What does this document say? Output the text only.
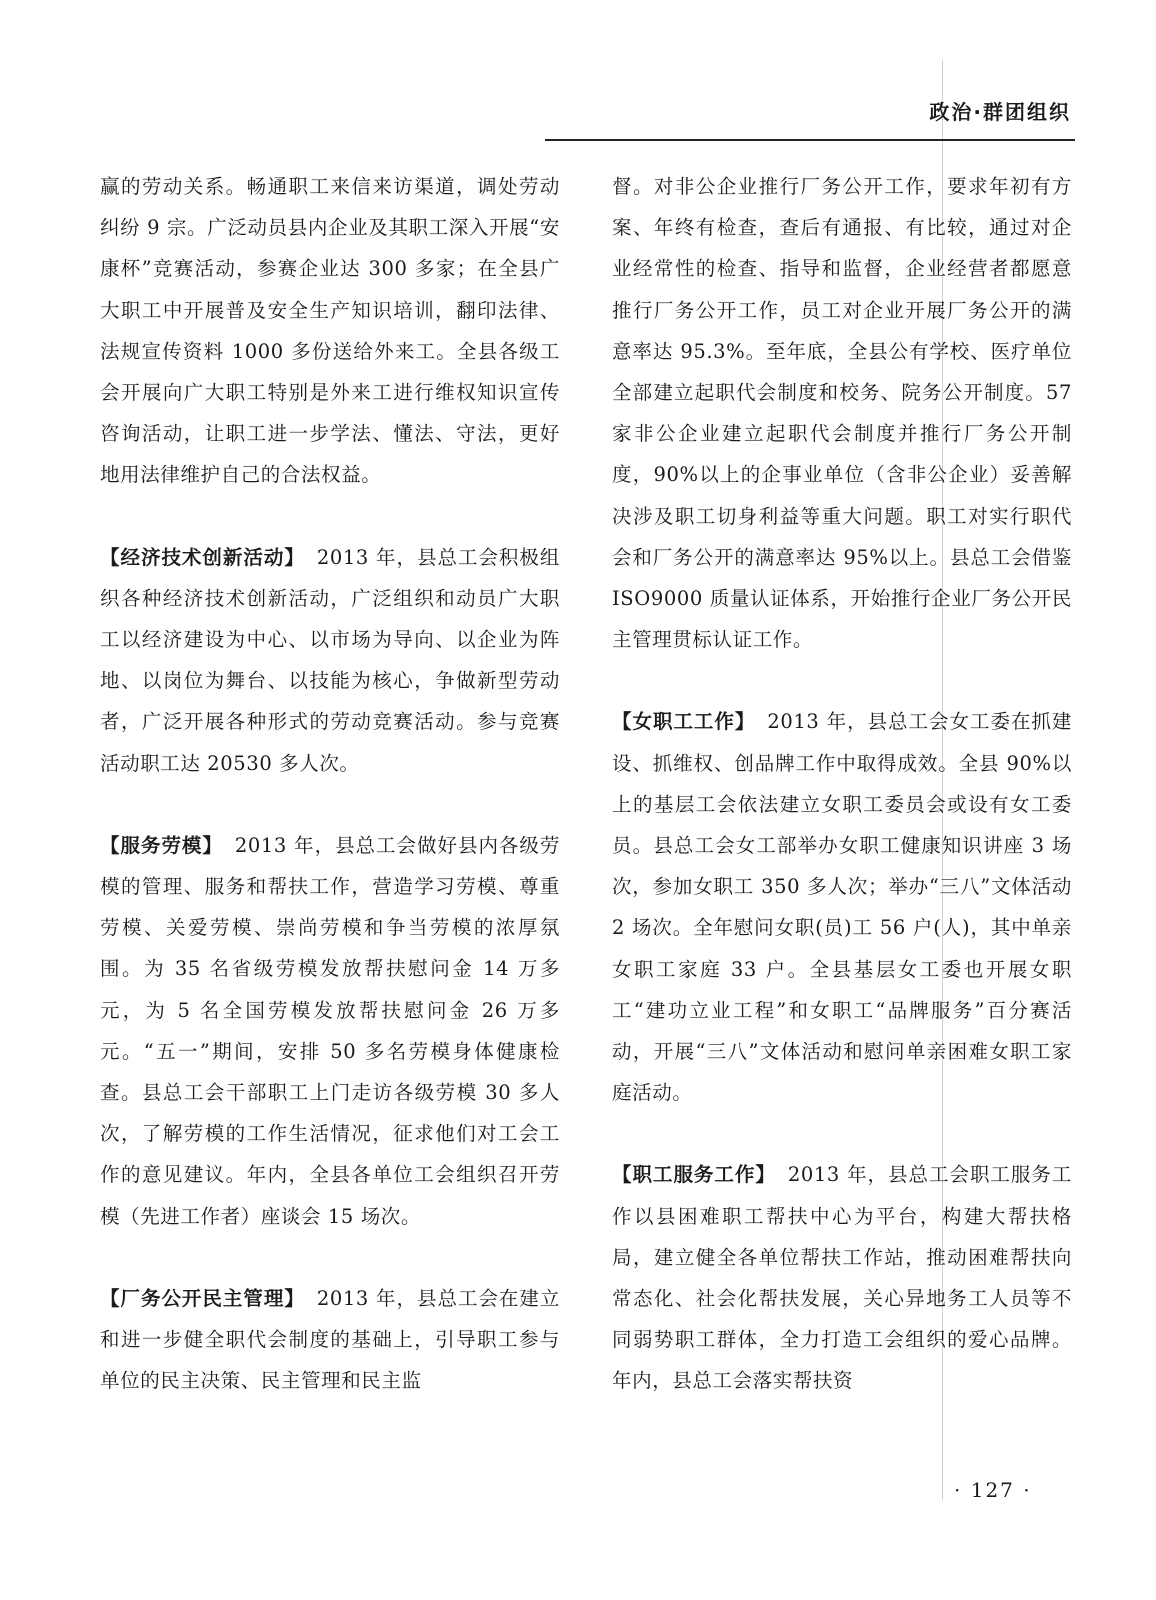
政治·群团组织

赢的劳动关系。畅通职工来信来访渠道，调处劳动纠纷 9 宗。广泛动员县内企业及其职工深入开展“安康杯”竞赛活动，参赛企业达 300 多家；在全县广大职工中开展普及安全生产知识培训，翻印法律、法规宣传资料 1000 多份送给外来工。全县各级工会开展向广大职工特别是外来工进行维权知识宣传咨询活动，让职工进一步学法、懂法、守法，更好地用法律维护自己的合法权益。

【经济技术创新活动】 2013 年，县总工会积极组织各种经济技术创新活动，广泛组织和动员广大职工以经济建设为中心、以市场为导向、以企业为阵地、以岗位为舞台、以技能为核心，争做新型劳动者，广泛开展各种形式的劳动竞赛活动。参与竞赛活动职工达 20530 多人次。

【服务劳模】 2013 年，县总工会做好县内各级劳模的管理、服务和帮扶工作，营造学习劳模、尊重劳模、关爱劳模、崇尚劳模和争当劳模的浓厚氛围。为 35 名省级劳模发放帮扶慰问金 14 万多元，为 5 名全国劳模发放帮扶慰问金 26 万多元。“五一”期间，安排 50 多名劳模身体健康检查。县总工会干部职工上门走访各级劳模 30 多人次，了解劳模的工作生活情况，征求他们对工会工作的意见建议。年内，全县各单位工会组织召开劳模（先进工作者）座谈会 15 场次。

【厂务公开民主管理】 2013 年，县总工会在建立和进一步健全职代会制度的基础上，引导职工参与单位的民主决策、民主管理和民主监

督。对非公企业推行厂务公开工作，要求年初有方案、年终有检查，查后有通报、有比较，通过对企业经常性的检查、指导和监督，企业经营者都愿意推行厂务公开工作，员工对企业开展厂务公开的满意率达 95.3%。至年底，全县公有学校、医疗单位全部建立起职代会制度和校务、院务公开制度。57 家非公企业建立起职代会制度并推行厂务公开制度，90%以上的企事业单位（含非公企业）妥善解决涉及职工切身利益等重大问题。职工对实行职代会和厂务公开的满意率达 95%以上。县总工会借鉴 ISO9000 质量认证体系，开始推行企业厂务公开民主管理贯标认证工作。

【女职工工作】 2013 年，县总工会女工委在抓建设、抓维权、创品牌工作中取得成效。全县 90%以上的基层工会依法建立女职工委员会或设有女工委员。县总工会女工部举办女职工健康知识讲座 3 场次，参加女职工 350 多人次；举办“三八”文体活动 2 场次。全年慰问女职(员)工 56 户(人)，其中单亲女职工家庭 33 户。全县基层女工委也开展女职工“建功立业工程”和女职工“品牌服务”百分赛活动，开展“三八”文体活动和慰问单亲困难女职工家庭活动。

【职工服务工作】 2013 年，县总工会职工服务工作以县困难职工帮扶中心为平台，构建大帮扶格局，建立健全各单位帮扶工作站，推动困难帮扶向常态化、社会化帮扶发展，关心异地务工人员等不同弱势职工群体，全力打造工会组织的爱心品牌。年内，县总工会落实帮扶资

· 127 ·
